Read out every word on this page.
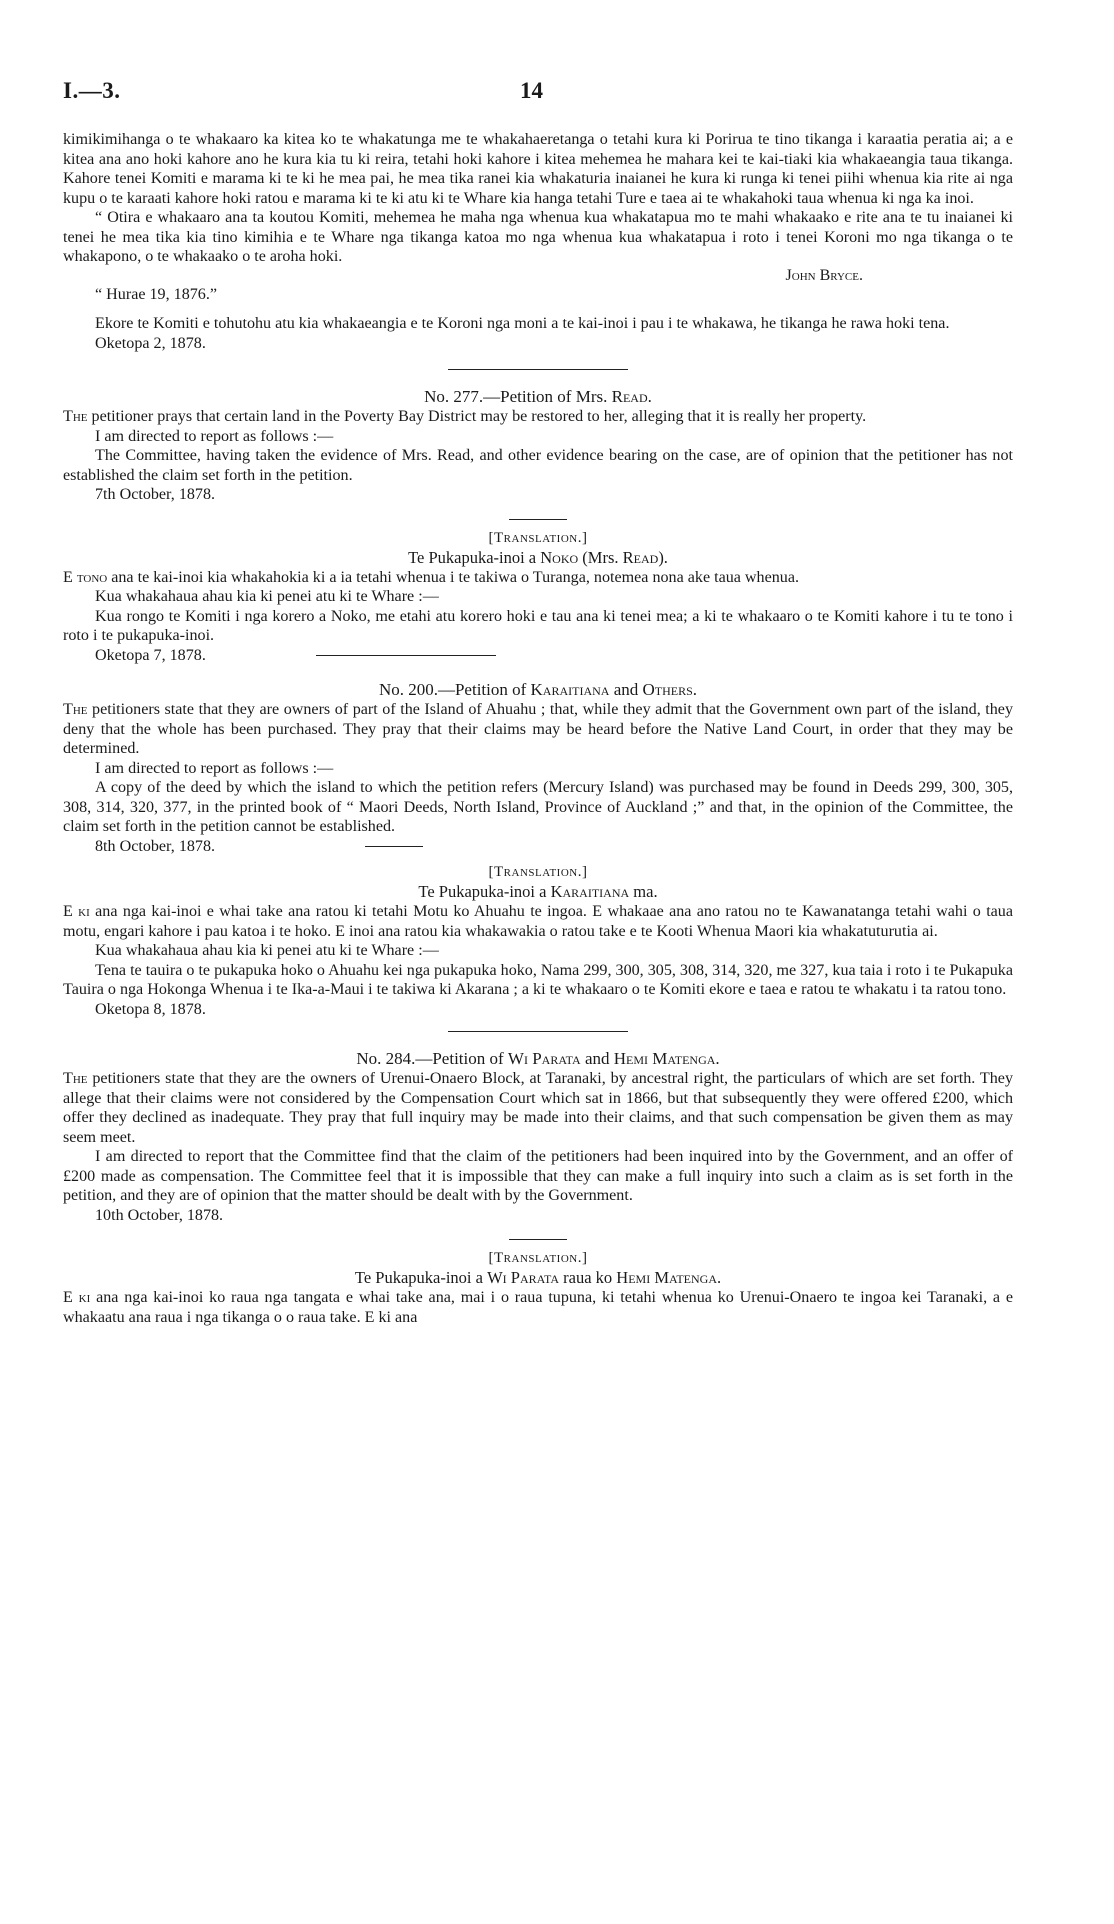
I.—3.	14

kimikimihanga o te whakaaro ka kitea ko te whakatunga me te whakahaeretanga o tetahi kura ki Porirua te tino tikanga i karaatia peratia ai; a e kitea ana ano hoki kahore ano he kura kia tu ki reira, tetahi hoki kahore i kitea mehemea he mahara kei te kai-tiaki kia whakaeangia taua tikanga. Kahore tenei Komiti e marama ki te ki he mea pai, he mea tika ranei kia whakaturia inaianei he kura ki runga ki tenei piihi whenua kia rite ai nga kupu o te karaati kahore hoki ratou e marama ki te ki atu ki te Whare kia hanga tetahi Ture e taea ai te whakahoki taua whenua ki nga ka inoi.

“ Otira e whakaaro ana ta koutou Komiti, mehemea he maha nga whenua kua whakatapua mo te mahi whakaako e rite ana te tu inaianei ki tenei he mea tika kia tino kimihia e te Whare nga tikanga katoa mo nga whenua kua whakatapua i roto i tenei Koroni mo nga tikanga o te whakapono, o te whakaako o te aroha hoki.

John Bryce.

“ Hurae 19, 1876.”

Ekore te Komiti e tohutohu atu kia whakaeangia e te Koroni nga moni a te kai-inoi i pau i te whakawa, he tikanga he rawa hoki tena.

Oketopa 2, 1878.

No. 277.—Petition of Mrs. Read.

The petitioner prays that certain land in the Poverty Bay District may be restored to her, alleging that it is really her property.

I am directed to report as follows :—

The Committee, having taken the evidence of Mrs. Read, and other evidence bearing on the case, are of opinion that the petitioner has not established the claim set forth in the petition.

7th October, 1878.

[Translation.]

Te Pukapuka-inoi a Noko (Mrs. Read).

E tono ana te kai-inoi kia whakahokia ki a ia tetahi whenua i te takiwa o Turanga, notemea nona ake taua whenua.

Kua whakahaua ahau kia ki penei atu ki te Whare :—

Kua rongo te Komiti i nga korero a Noko, me etahi atu korero hoki e tau ana ki tenei mea; a ki te whakaaro o te Komiti kahore i tu te tono i roto i te pukapuka-inoi.

Oketopa 7, 1878.

No. 200.—Petition of Karaitiana and Others.

The petitioners state that they are owners of part of the Island of Ahuahu ; that, while they admit that the Government own part of the island, they deny that the whole has been purchased. They pray that their claims may be heard before the Native Land Court, in order that they may be determined.

I am directed to report as follows :—

A copy of the deed by which the island to which the petition refers (Mercury Island) was purchased may be found in Deeds 299, 300, 305, 308, 314, 320, 377, in the printed book of “ Maori Deeds, North Island, Province of Auckland ;” and that, in the opinion of the Committee, the claim set forth in the petition cannot be established.

8th October, 1878.

[Translation.]

Te Pukapuka-inoi a Karaitiana ma.

E ki ana nga kai-inoi e whai take ana ratou ki tetahi Motu ko Ahuahu te ingoa. E whakaae ana ano ratou no te Kawanatanga tetahi wahi o taua motu, engari kahore i pau katoa i te hoko. E inoi ana ratou kia whakawakia o ratou take e te Kooti Whenua Maori kia whakatuturutia ai.

Kua whakahaua ahau kia ki penei atu ki te Whare :—

Tena te tauira o te pukapuka hoko o Ahuahu kei nga pukapuka hoko, Nama 299, 300, 305, 308, 314, 320, me 327, kua taia i roto i te Pukapuka Tauira o nga Hokonga Whenua i te Ika-a-Maui i te takiwa ki Akarana ; a ki te whakaaro o te Komiti ekore e taea e ratou te whakatu i ta ratou tono.

Oketopa 8, 1878.

No. 284.—Petition of Wi Parata and Hemi Matenga.

The petitioners state that they are the owners of Urenui-Onaero Block, at Taranaki, by ancestral right, the particulars of which are set forth. They allege that their claims were not considered by the Compensation Court which sat in 1866, but that subsequently they were offered £200, which offer they declined as inadequate. They pray that full inquiry may be made into their claims, and that such compensation be given them as may seem meet.

I am directed to report that the Committee find that the claim of the petitioners had been inquired into by the Government, and an offer of £200 made as compensation. The Committee feel that it is impossible that they can make a full inquiry into such a claim as is set forth in the petition, and they are of opinion that the matter should be dealt with by the Government.

10th October, 1878.

[Translation.]

Te Pukapuka-inoi a Wi Parata raua ko Hemi Matenga.

E ki ana nga kai-inoi ko raua nga tangata e whai take ana, mai i o raua tupuna, ki tetahi whenua ko Urenui-Onaero te ingoa kei Taranaki, a e whakaatu ana raua i nga tikanga o o raua take. E ki ana
